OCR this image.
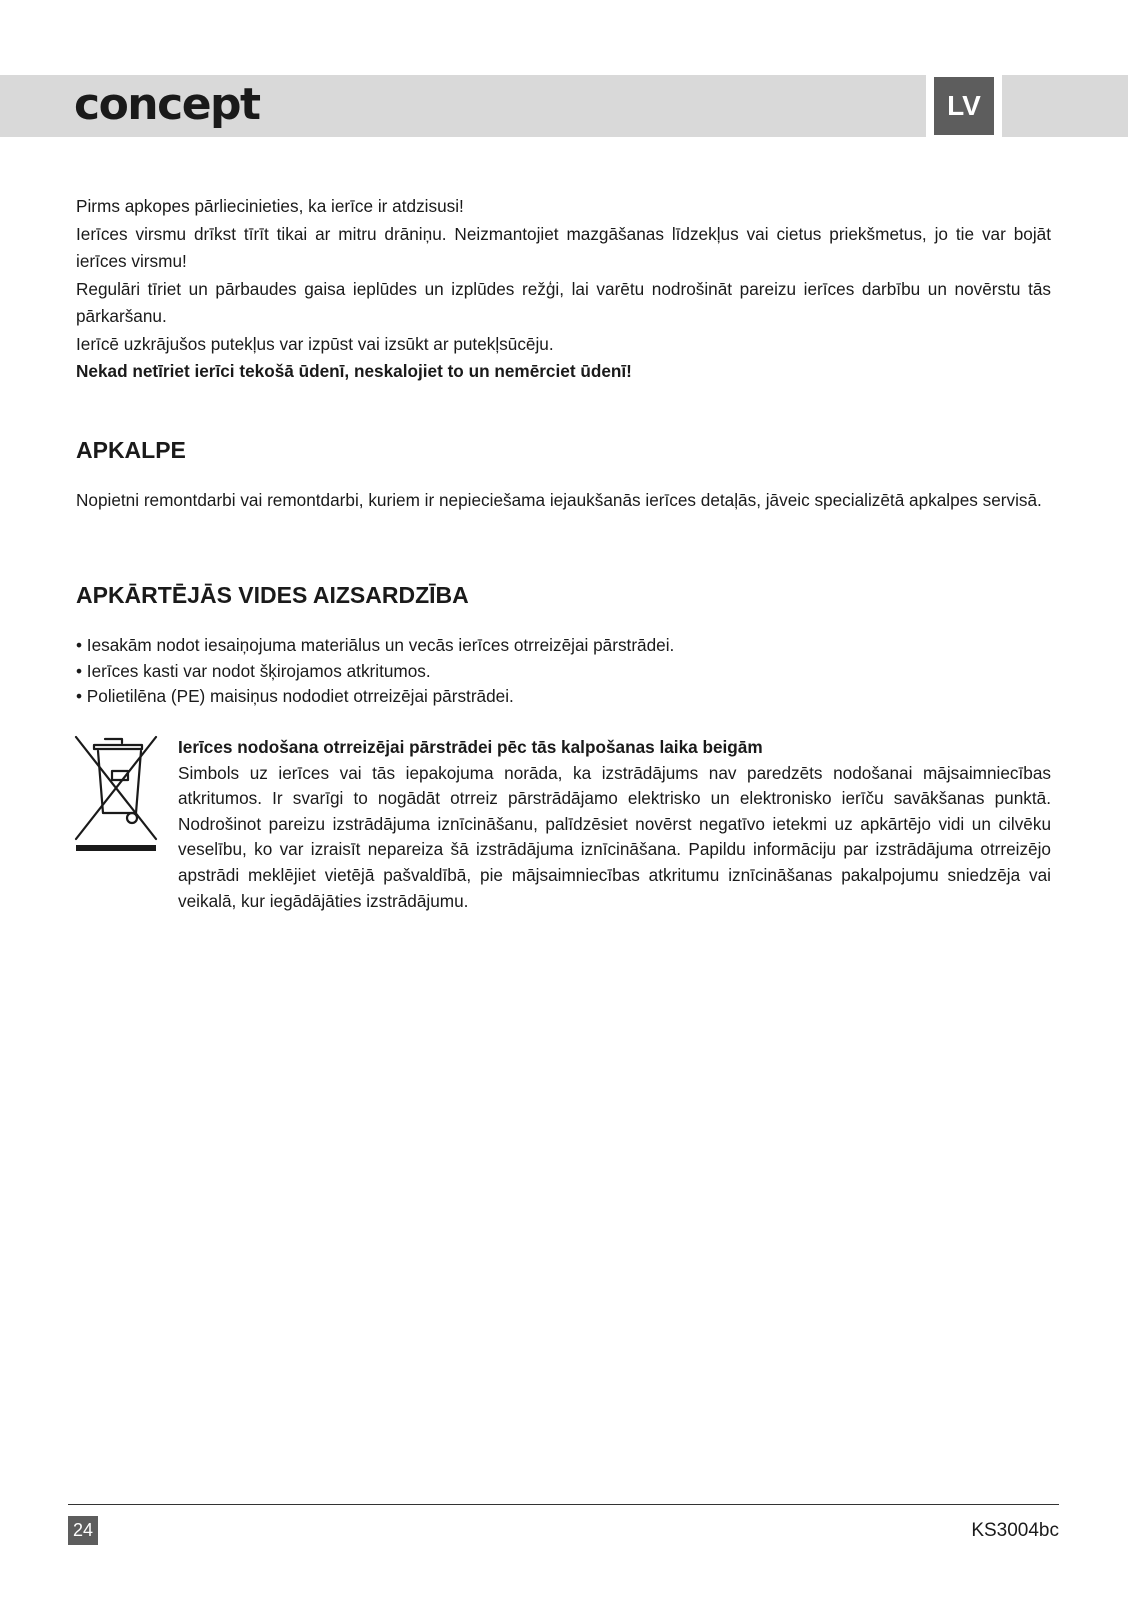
concept	LV

Pirms apkopes pārliecinieties, ka ierīce ir atdzisusi!

Ierīces virsmu drīkst tīrīt tikai ar mitru drāniņu. Neizmantojiet mazgāšanas līdzekļus vai cietus priekšmetus, jo tie var bojāt ierīces virsmu!

Regulāri tīriet un pārbaudes gaisa ieplūdes un izplūdes režģi, lai varētu nodrošināt pareizu ierīces darbību un novērstu tās pārkaršanu.

Ierīcē uzkrājušos putekļus var izpūst vai izsūkt ar putekļsūcēju.

Nekad netīriet ierīci tekošā ūdenī, neskalojiet to un nemērciet ūdenī!

APKALPE

Nopietni remontdarbi vai remontdarbi, kuriem ir nepieciešama iejaukšanās ierīces detaļās, jāveic specializētā apkalpes servisā.

APKĀRTĒJĀS VIDES AIZSARDZĪBA
• Iesakām nodot iesaiņojuma materiālus un vecās ierīces otrreizējai pārstrādei.
• Ierīces kasti var nodot šķirojamos atkritumos.
• Polietilēna (PE) maisiņus nododiet otrreizējai pārstrādei.

Ierīces nodošana otrreizējai pārstrādei pēc tās kalpošanas laika beigām

Simbols uz ierīces vai tās iepakojuma norāda, ka izstrādājums nav paredzēts nodošanai mājsaimniecības atkritumos. Ir svarīgi to nogādāt otrreiz pārstrādājamo elektrisko un elektronisko ierīču savākšanas punktā. Nodrošinot pareizu izstrādājuma iznīcināšanu, palīdzēsiet novērst negatīvo ietekmi uz apkārtējo vidi un cilvēku veselību, ko var izraisīt nepareiza šā izstrādājuma iznīcināšana. Papildu informāciju par izstrādājuma otrreizējo apstrādi meklējiet vietējā pašvaldībā, pie mājsaimniecības atkritumu iznīcināšanas pakalpojumu sniedzēja vai veikalā, kur iegādājāties izstrādājumu.

24	KS3004bc
